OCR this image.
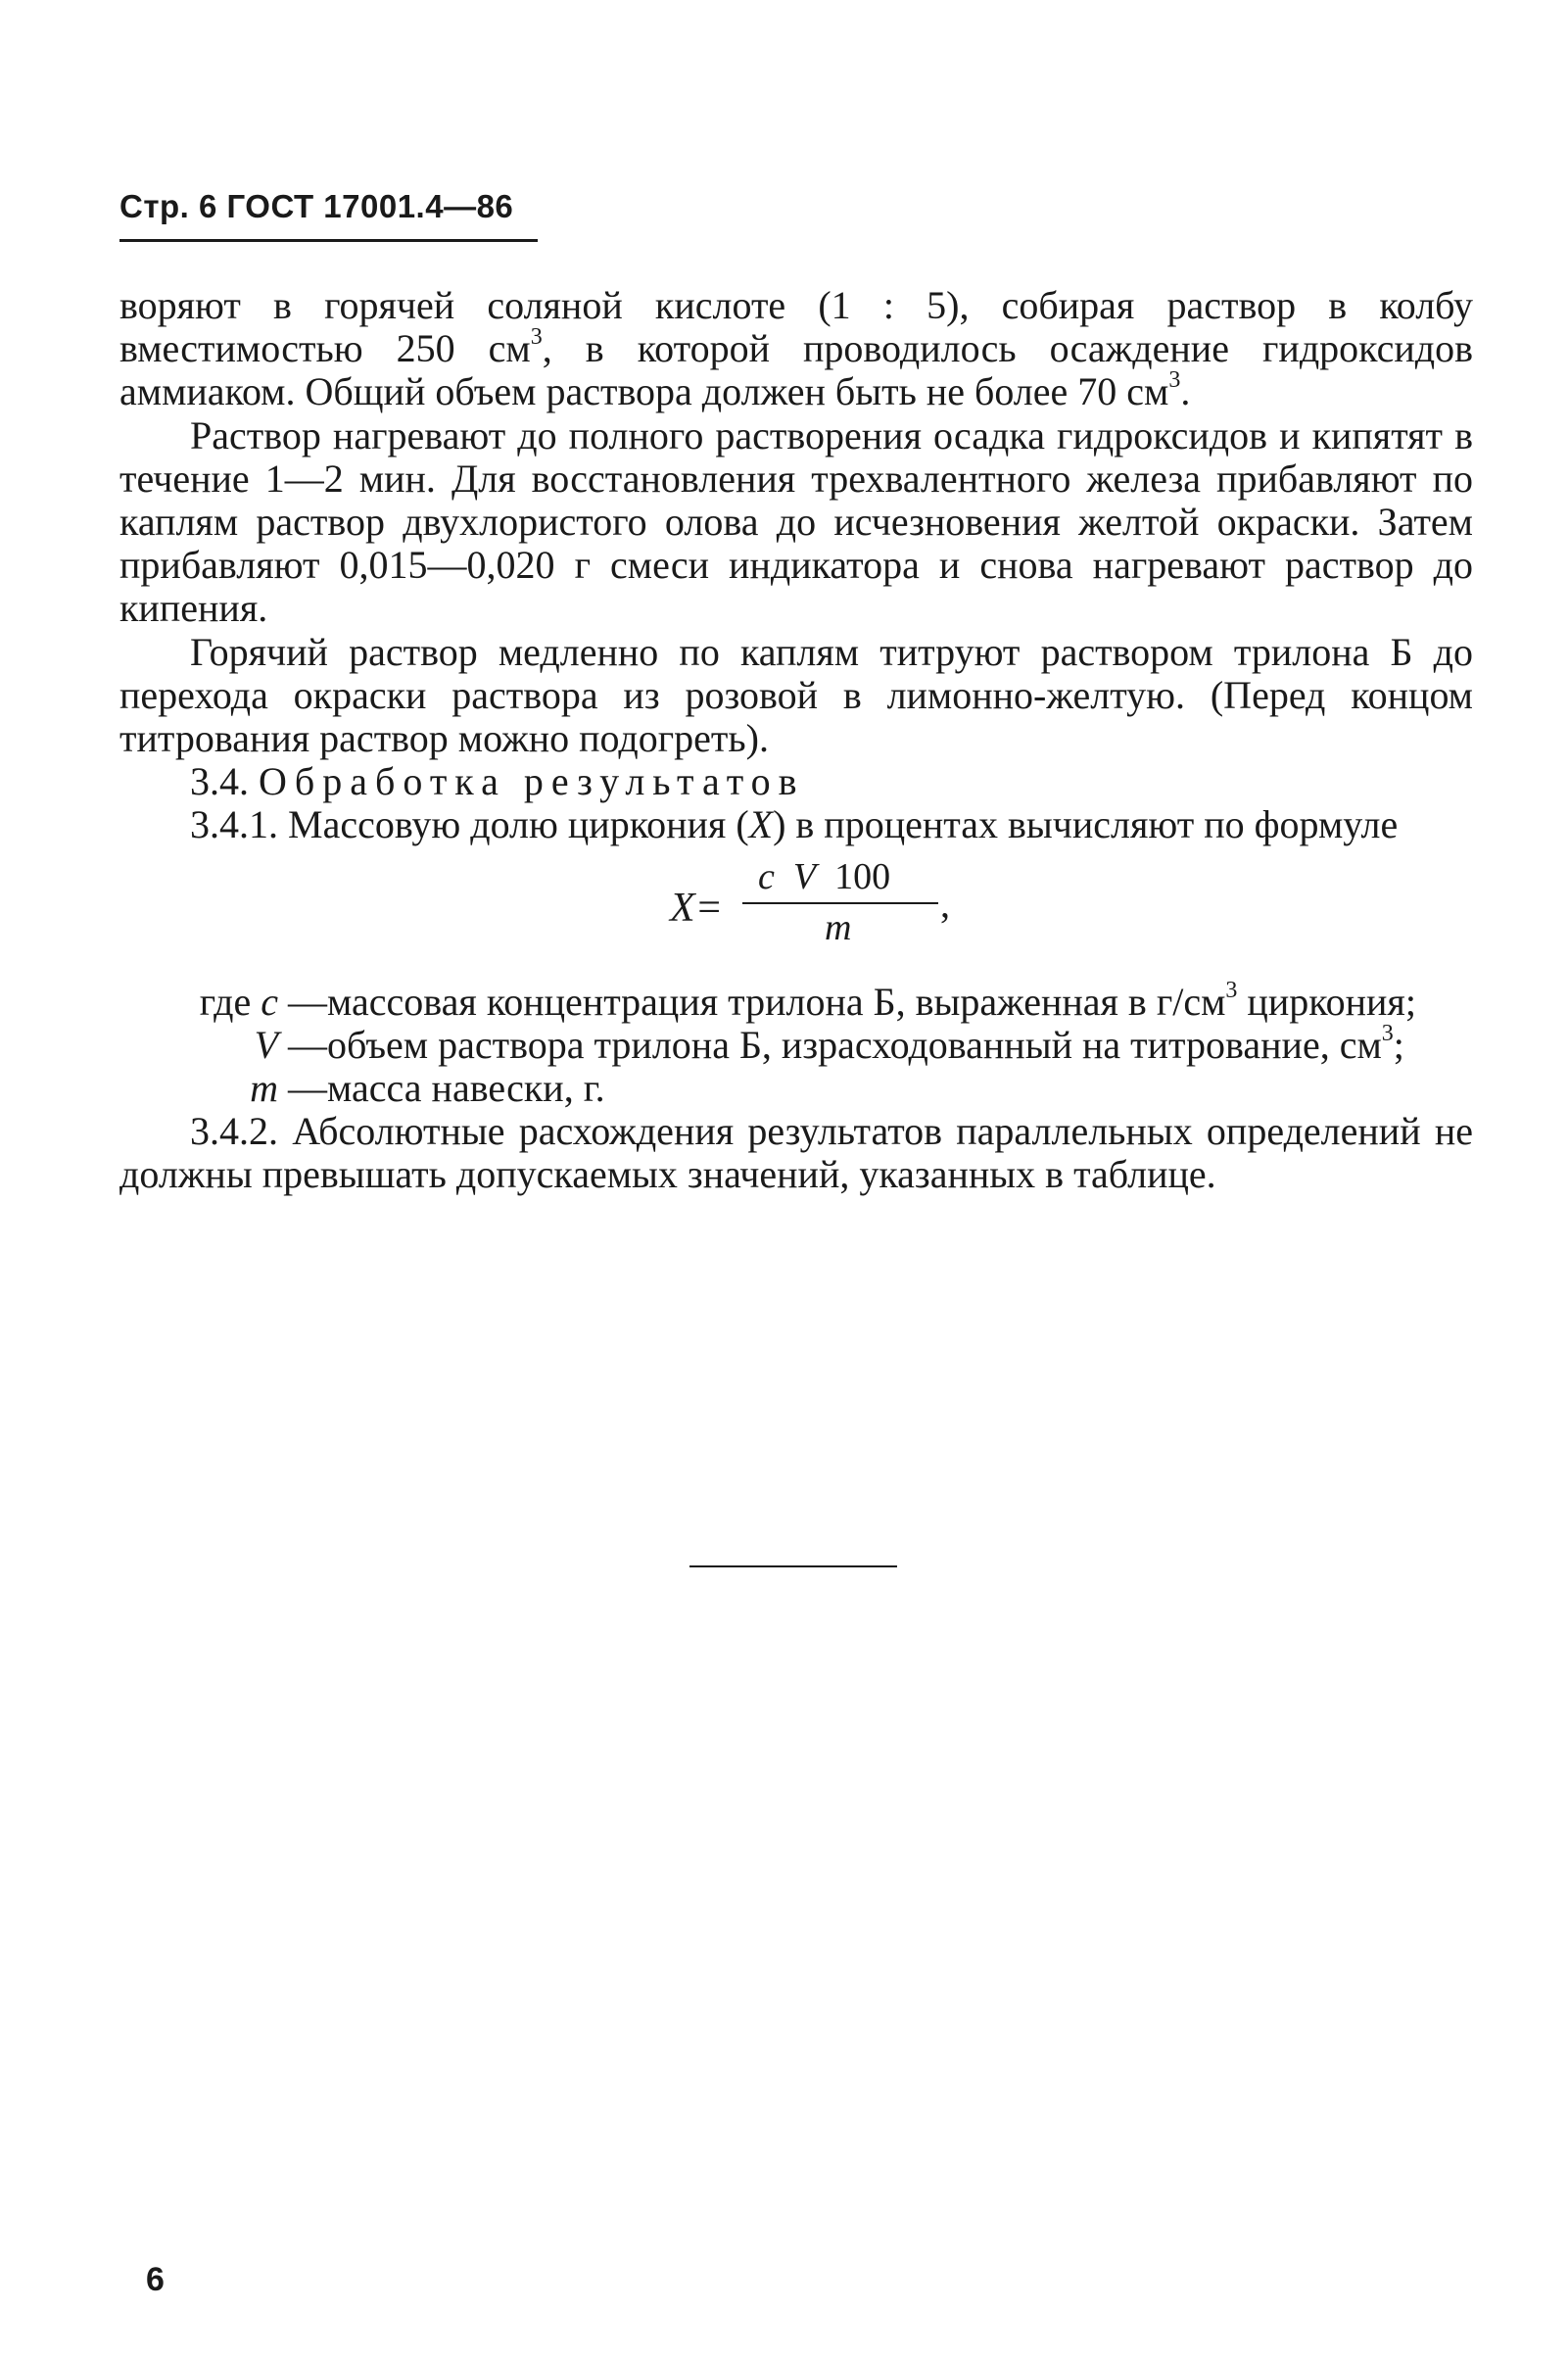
Стр. 6 ГОСТ 17001.4—86

воряют в горячей соляной кислоте (1 : 5), собирая раствор в колбу вместимостью 250 $см^3$, в которой проводилось осаждение гидроксидов аммиаком. Общий объем раствора должен быть не более 70 $см^3$.

Раствор нагревают до полного растворения осадка гидроксидов и кипятят в течение 1—2 мин. Для восстановления трехвалентного железа прибавляют по каплям раствор двухлористого олова до исчезновения желтой окраски. Затем прибавляют 0,015—0,020 г смеси индикатора и снова нагревают раствор до кипения.

Горячий раствор медленно по каплям титруют раствором трилона Б до перехода окраски раствора из розовой в лимонно-желтую. (Перед концом титрования раствор можно подогреть).

3.4. Обработка результатов

3.4.1. Массовую долю циркония (X) в процентах вычисляют по формуле

X=
c V 100
m
,
где c — массовая концентрация трилона Б, выраженная в $г/см^3$ циркония;
V — объем раствора трилона Б, израсходованный на титрование, $см^3$;
m — масса навески, г.

3.4.2. Абсолютные расхождения результатов параллельных определений не должны превышать допускаемых значений, указанных в таблице.

6
